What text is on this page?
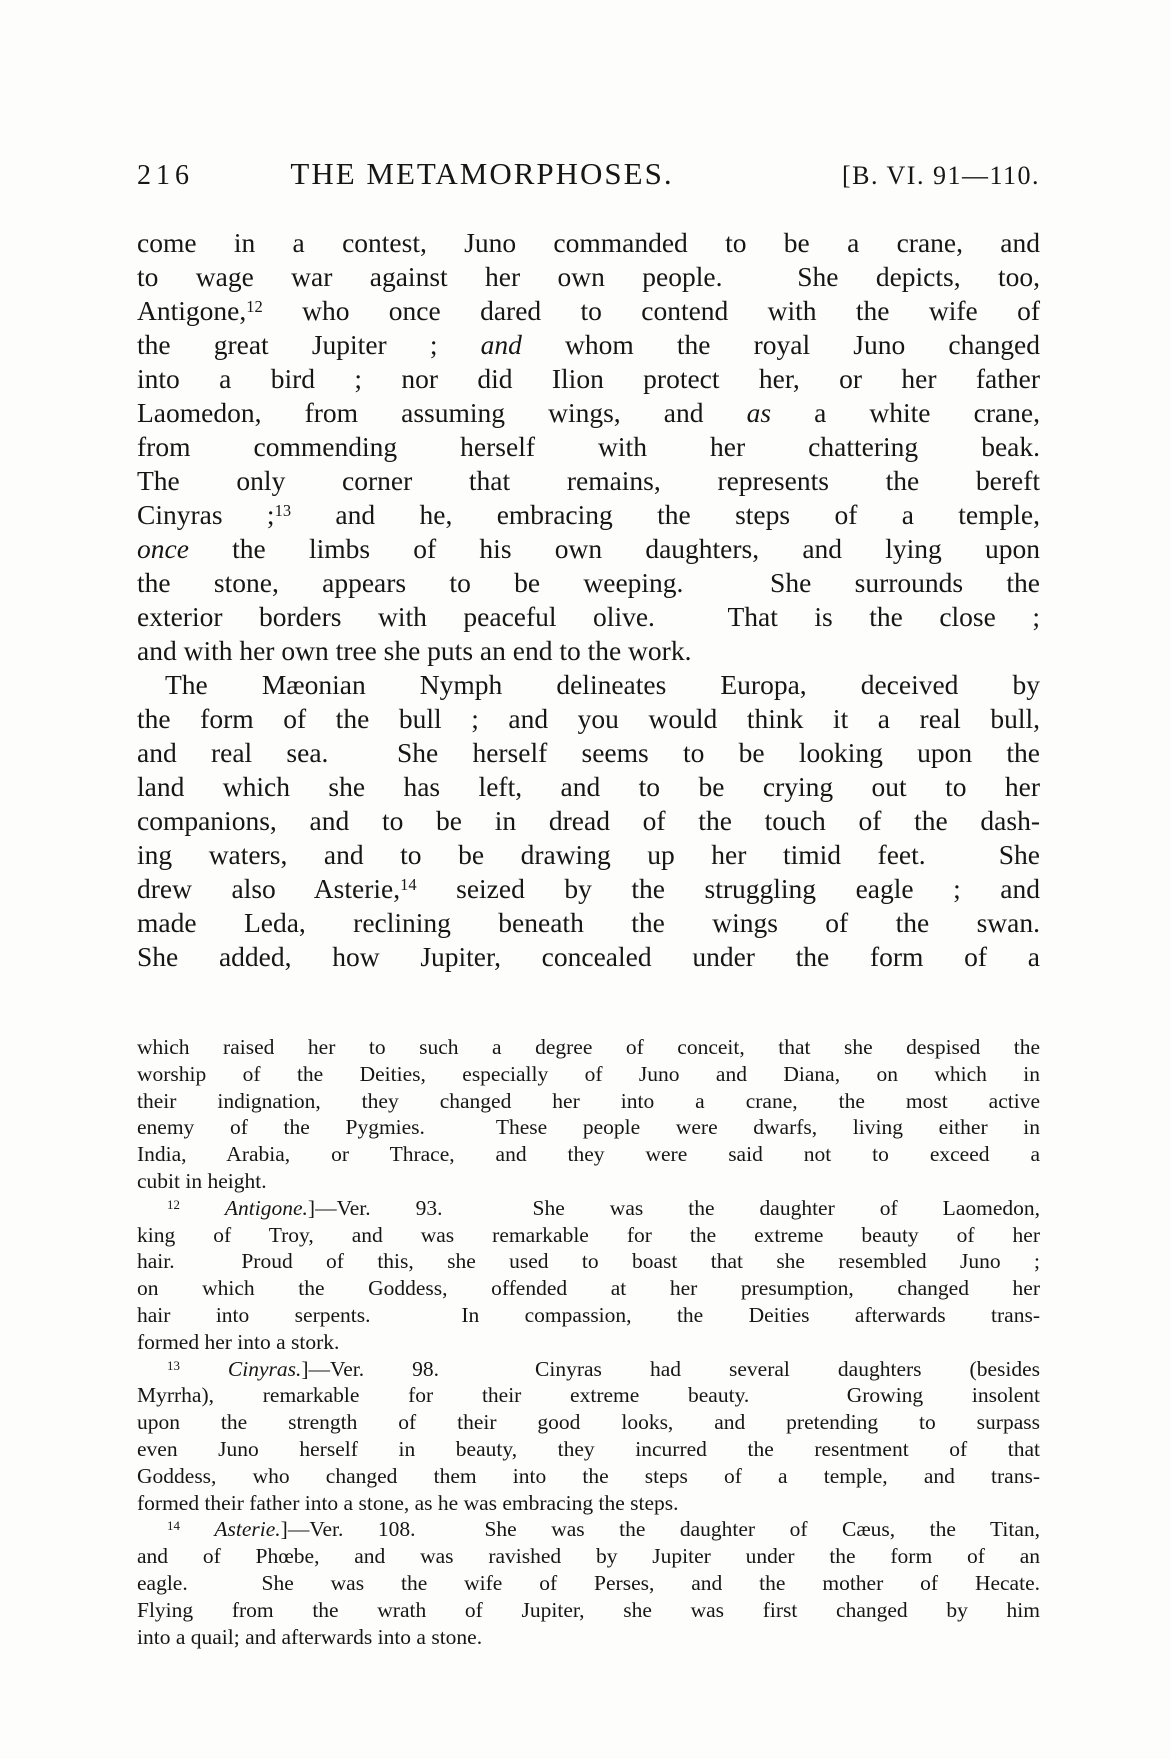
216	THE METAMORPHOSES.	[B. VI. 91—110.
come in a contest, Juno commanded to be a crane, and
to wage war against her own people.  She depicts, too,
Antigone,$^{12}$ who once dared to contend with the wife of
the great Jupiter ; and whom the royal Juno changed
into a bird ; nor did Ilion protect her, or her father
Laomedon, from assuming wings, and as a white crane,
from commending herself with her chattering beak.
The only corner that remains, represents the bereft
Cinyras ;$^{13}$ and he, embracing the steps of a temple,
once the limbs of his own daughters, and lying upon
the stone, appears to be weeping.  She surrounds the
exterior borders with peaceful olive.  That is the close ;
and with her own tree she puts an end to the work.
The Mæonian Nymph delineates Europa, deceived by
the form of the bull ; and you would think it a real bull,
and real sea.  She herself seems to be looking upon the
land which she has left, and to be crying out to her
companions, and to be in dread of the touch of the dash-
ing waters, and to be drawing up her timid feet.  She
drew also Asterie,$^{14}$ seized by the struggling eagle ; and
made Leda, reclining beneath the wings of the swan.
She added, how Jupiter, concealed under the form of a
which raised her to such a degree of conceit, that she despised the
worship of the Deities, especially of Juno and Diana, on which in
their indignation, they changed her into a crane, the most active
enemy of the Pygmies.  These people were dwarfs, living either in
India, Arabia, or Thrace, and they were said not to exceed a
cubit in height.
$^{12}$ Antigone.]—Ver. 93.  She was the daughter of Laomedon,
king of Troy, and was remarkable for the extreme beauty of her
hair.  Proud of this, she used to boast that she resembled Juno ;
on which the Goddess, offended at her presumption, changed her
hair into serpents.  In compassion, the Deities afterwards trans-
formed her into a stork.
$^{13}$ Cinyras.]—Ver. 98.  Cinyras had several daughters (besides
Myrrha), remarkable for their extreme beauty.  Growing insolent
upon the strength of their good looks, and pretending to surpass
even Juno herself in beauty, they incurred the resentment of that
Goddess, who changed them into the steps of a temple, and trans-
formed their father into a stone, as he was embracing the steps.
$^{14}$ Asterie.]—Ver. 108.  She was the daughter of Cæus, the Titan,
and of Phœbe, and was ravished by Jupiter under the form of an
eagle.  She was the wife of Perses, and the mother of Hecate.
Flying from the wrath of Jupiter, she was first changed by him
into a quail; and afterwards into a stone.
